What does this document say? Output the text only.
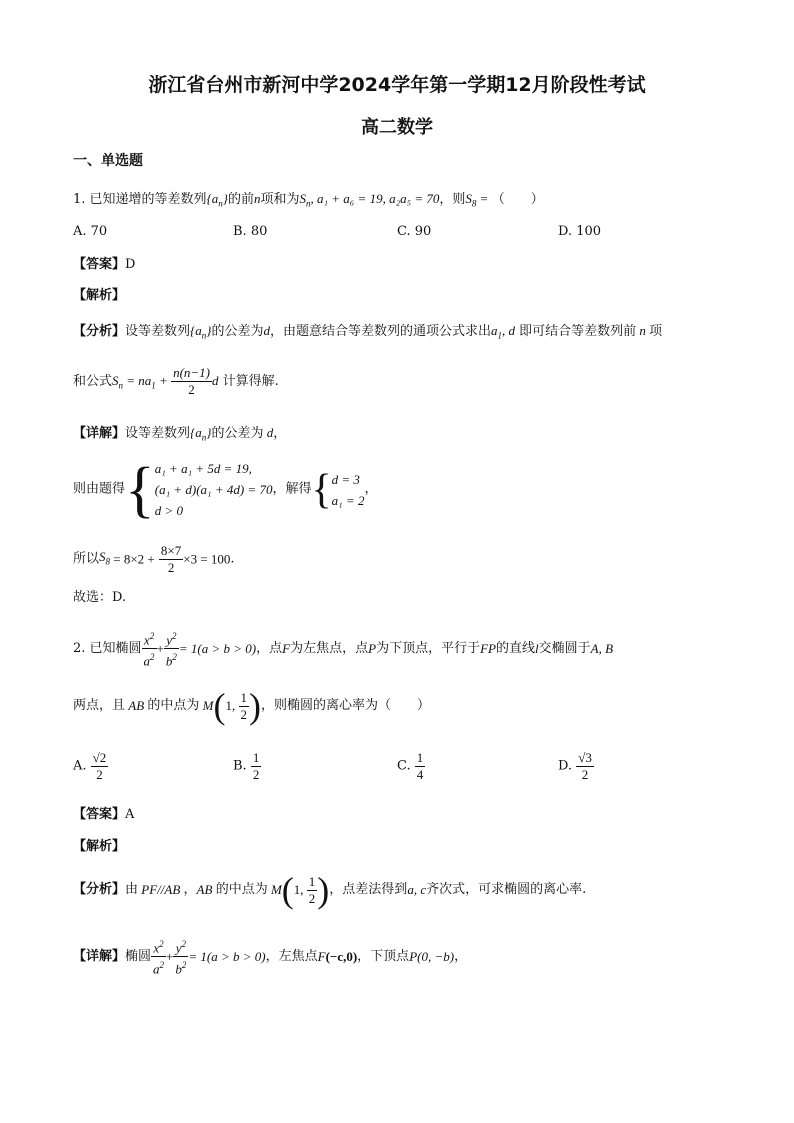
浙江省台州市新河中学2024学年第一学期12月阶段性考试
高二数学
一、单选题
1. 已知递增的等差数列$\{a_n\}$的前n项和为$S_n$, a₁ + a₆ = 19, a₂a₅ = 70，则$S_8$ = （　　）
A. 70	B. 80	C. 90	D. 100
【答案】D
【解析】
【分析】设等差数列$\{a_n\}$的公差为d，由题意结合等差数列的通项公式求出$a_1$, d 即可结合等差数列前 n 项
和公式$S_n = na_1 + \frac{n(n-1)}{2}$ d 计算得解.
【详解】设等差数列$\{a_n\}$的公差为 d，
则由题得{ a₁ + a₁ + 5d = 19,
(a₁ + d)(a₁ + 4d) = 70
d > 0
，解得{ d = 3
a₁ = 2
，
所以$S_8 = 8\times 2 + \frac{8\times 7}{2} \times 3 = 100$.
故选：D.
2. 已知椭圆 $\frac{x^2}{a^2} + \frac{y^2}{b^2} = 1(a > b > 0)$，点F为左焦点，点P为下顶点，平行于FP的直线l交椭圆于A, B
两点，且 AB 的中点为 M(1, $\frac{1}{2}$ )，则椭圆的离心率为（　　）
A. $\frac{√2}{2}$	B. $\frac{1}{2}$	C. $\frac{1}{4}$	D. $\frac{√3}{2}$
【答案】A
【解析】
【分析】由 PF//AB ，AB 的中点为 M(1, $\frac{1}{2}$ )，点差法得到a, c齐次式，可求椭圆的离心率.
【详解】椭圆 $\frac{x^2}{a^2} + \frac{y^2}{b^2} = 1(a > b > 0)$，左焦点F(−c,0)，下顶点P(0, −b)，
